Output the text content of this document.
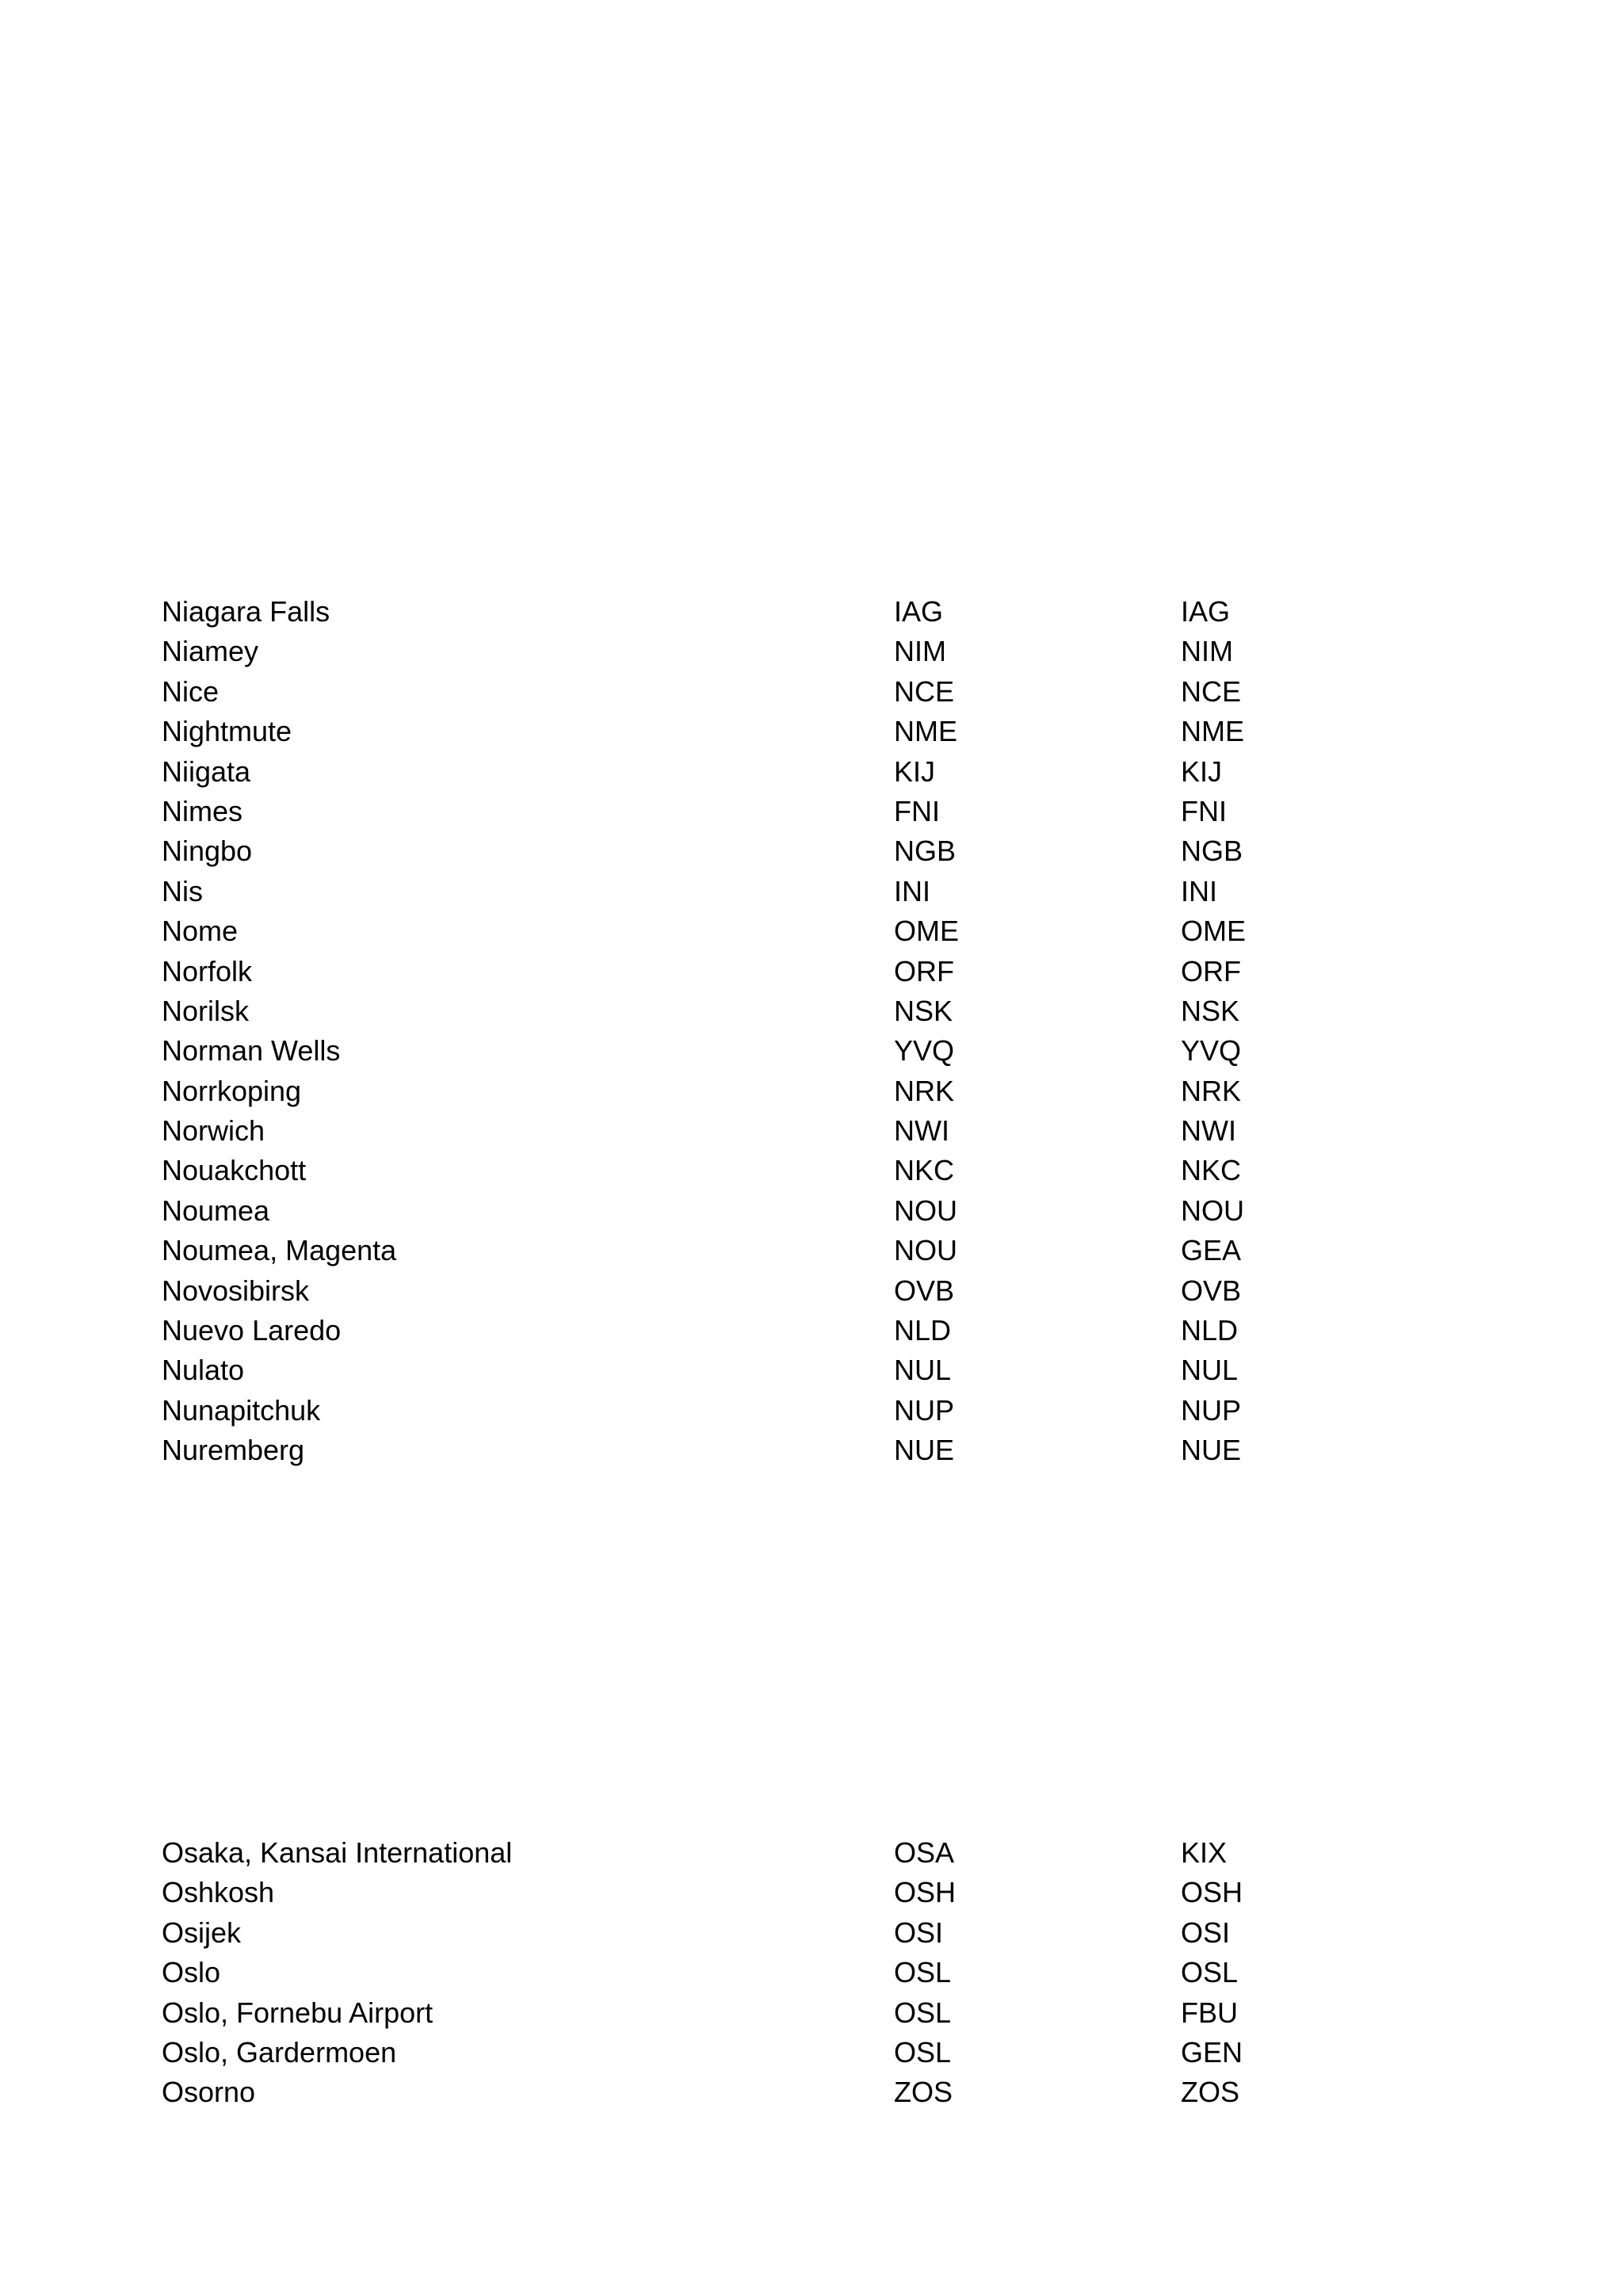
Niagara Falls	IAG	IAG
Niamey	NIM	NIM
Nice	NCE	NCE
Nightmute	NME	NME
Niigata	KIJ	KIJ
Nimes	FNI	FNI
Ningbo	NGB	NGB
Nis	INI	INI
Nome	OME	OME
Norfolk	ORF	ORF
Norilsk	NSK	NSK
Norman Wells	YVQ	YVQ
Norrkoping	NRK	NRK
Norwich	NWI	NWI
Nouakchott	NKC	NKC
Noumea	NOU	NOU
Noumea, Magenta	NOU	GEA
Novosibirsk	OVB	OVB
Nuevo Laredo	NLD	NLD
Nulato	NUL	NUL
Nunapitchuk	NUP	NUP
Nuremberg	NUE	NUE
Osaka, Kansai International	OSA	KIX
Oshkosh	OSH	OSH
Osijek	OSI	OSI
Oslo	OSL	OSL
Oslo, Fornebu Airport	OSL	FBU
Oslo, Gardermoen	OSL	GEN
Osorno	ZOS	ZOS
